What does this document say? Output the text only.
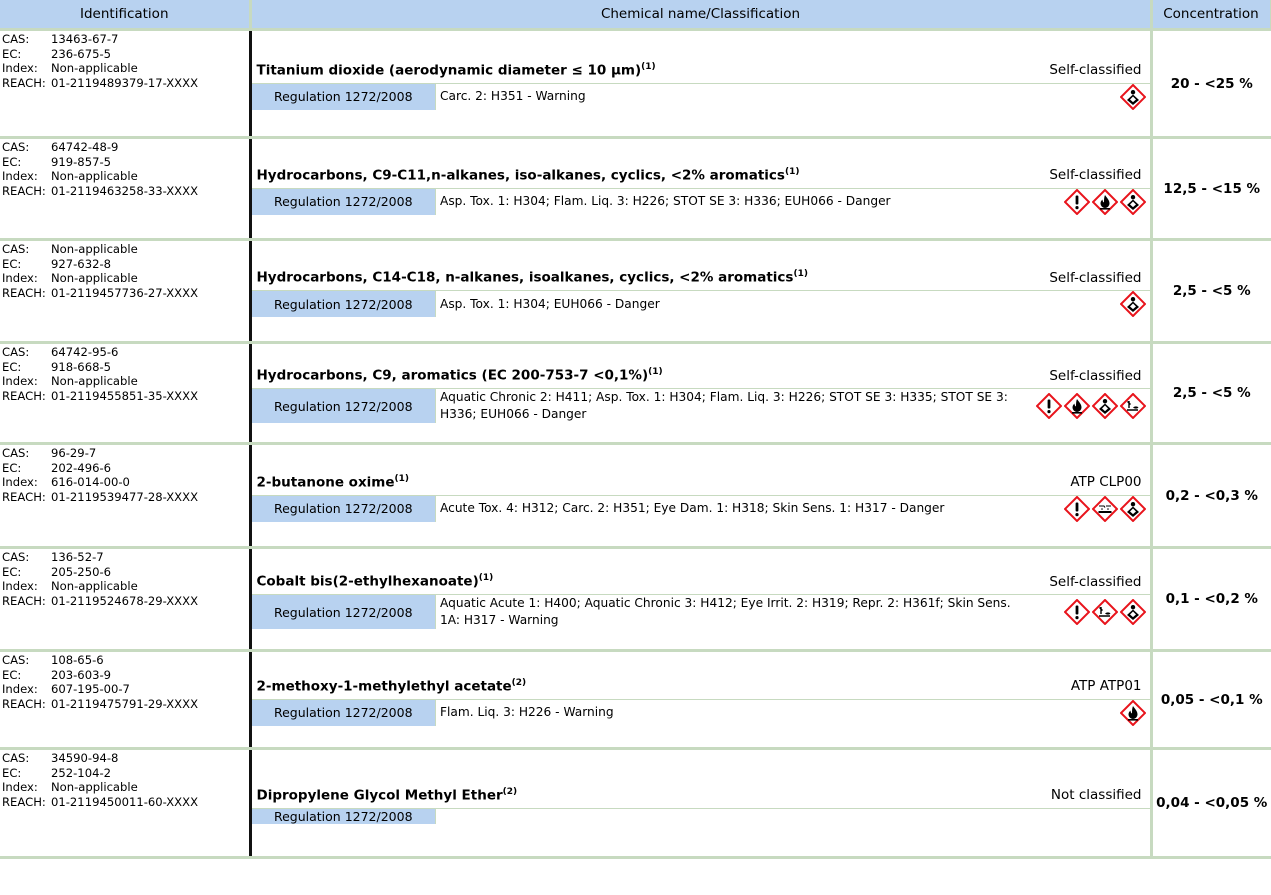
Identification	Chemical name/Classification	Concentration

CAS:	13463-67-7
EC:	236-675-5
Index:	Non-applicable
REACH: 01-2119489379-17-XXXX

Titanium dioxide (aerodynamic diameter ≤ 10 µm)$^{(1)}$	Self-classified
Regulation 1272/2008	Carc. 2: H351 - Warning	
	20 - <25 %

CAS:	64742-48-9
EC:	919-857-5
Index:	Non-applicable
REACH: 01-2119463258-33-XXXX

Hydrocarbons, C9-C11,n-alkanes, iso-alkanes, cyclics, <2% aromatics$^{(1)}$	Self-classified
Regulation 1272/2008	Asp. Tox. 1: H304; Flam. Liq. 3: H226; STOT SE 3: H336; EUH066 - Danger	
	12,5 - <15 %

CAS:	Non-applicable
EC:	927-632-8
Index:	Non-applicable
REACH: 01-2119457736-27-XXXX

Hydrocarbons, C14-C18, n-alkanes, isoalkanes, cyclics, <2% aromatics$^{(1)}$	Self-classified
Regulation 1272/2008	Asp. Tox. 1: H304; EUH066 - Danger	
	2,5 - <5 %

CAS:	64742-95-6
EC:	918-668-5
Index:	Non-applicable
REACH: 01-2119455851-35-XXXX

Hydrocarbons, C9, aromatics (EC 200-753-7 <0,1%)$^{(1)}$	Self-classified
Regulation 1272/2008	Aquatic Chronic 2: H411; Asp. Tox. 1: H304; Flam. Liq. 3: H226; STOT SE 3: H335; STOT SE 3: H336; EUH066 - Danger	
	2,5 - <5 %

CAS:	96-29-7
EC:	202-496-6
Index:	616-014-00-0
REACH: 01-2119539477-28-XXXX

2-butanone oxime$^{(1)}$	ATP CLP00
Regulation 1272/2008	Acute Tox. 4: H312; Carc. 2: H351; Eye Dam. 1: H318; Skin Sens. 1: H317 - Danger	
	0,2 - <0,3 %

CAS:	136-52-7
EC:	205-250-6
Index:	Non-applicable
REACH: 01-2119524678-29-XXXX

Cobalt bis(2-ethylhexanoate)$^{(1)}$	Self-classified
Regulation 1272/2008	Aquatic Acute 1: H400; Aquatic Chronic 3: H412; Eye Irrit. 2: H319; Repr. 2: H361f; Skin Sens. 1A: H317 - Warning	
	0,1 - <0,2 %

CAS:	108-65-6
EC:	203-603-9
Index:	607-195-00-7
REACH: 01-2119475791-29-XXXX

2-methoxy-1-methylethyl acetate$^{(2)}$	ATP ATP01
Regulation 1272/2008	Flam. Liq. 3: H226 - Warning	
	0,05 - <0,1 %

CAS:	34590-94-8
EC:	252-104-2
Index:	Non-applicable
REACH: 01-2119450011-60-XXXX
		Dipropylene Glycol Methyl Ether$^{(2)}$	Not classified
Regulation 1272/2008		
	0,04 - <0,05 %
